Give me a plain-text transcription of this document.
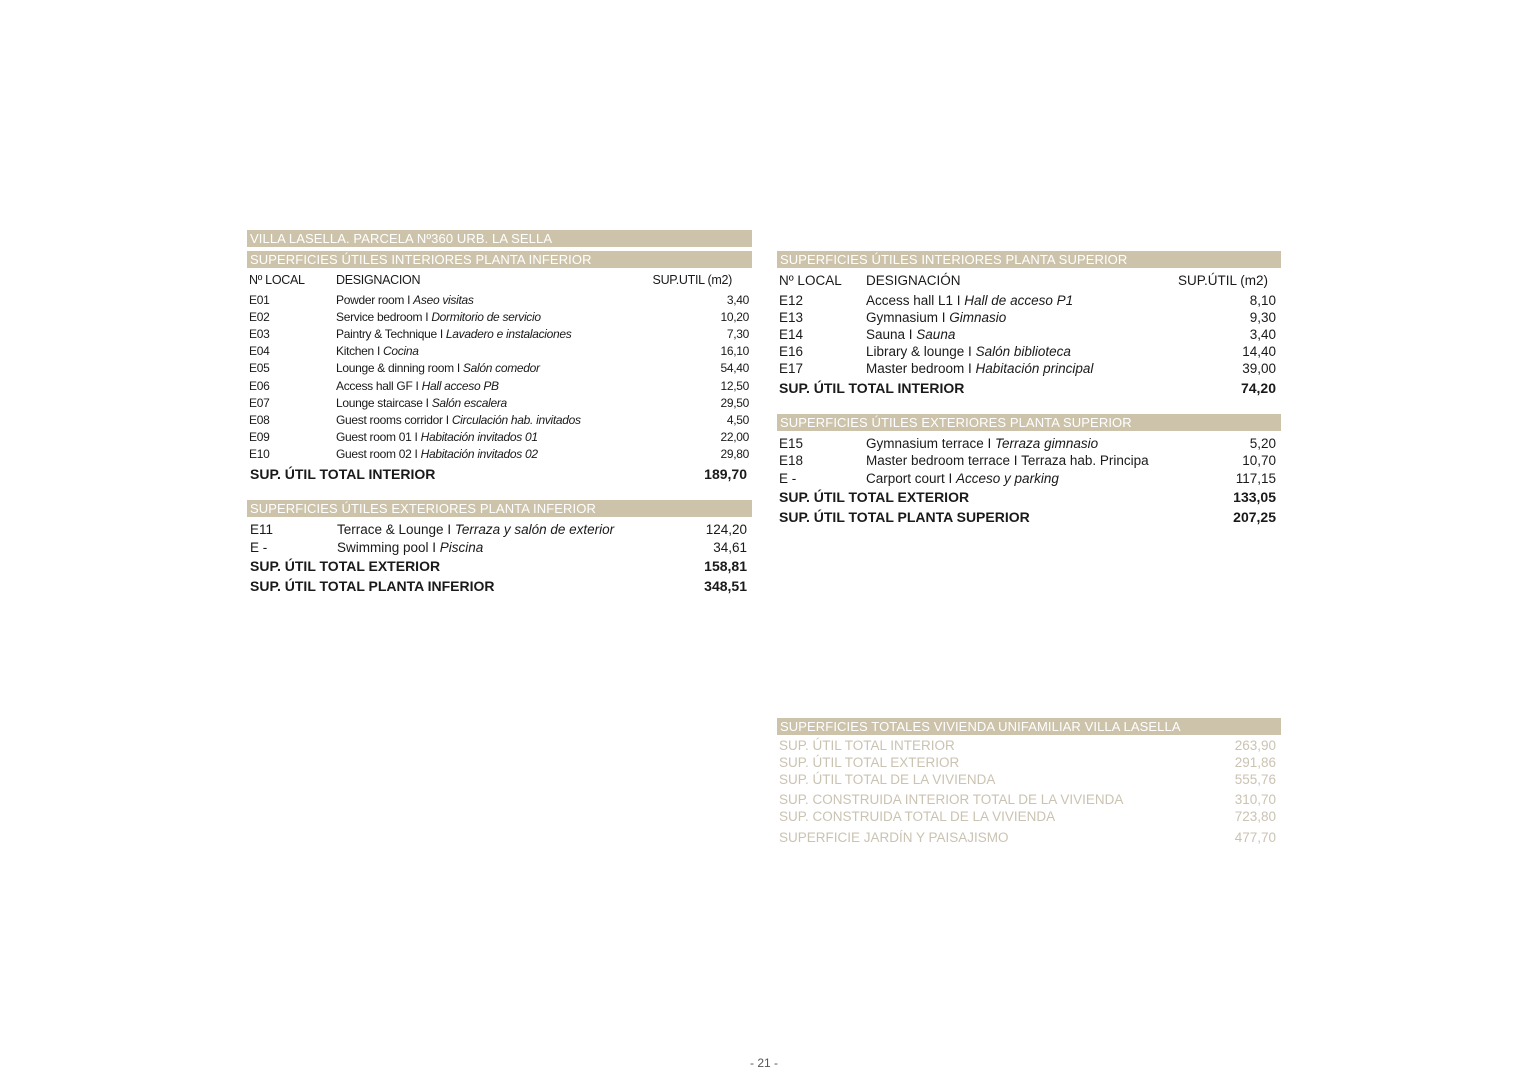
VILLA LASELLA. PARCELA Nº360 URB. LA SELLA
SUPERFICIES ÚTILES INTERIORES PLANTA INFERIOR
Nº LOCAL	DESIGNACION	SUP.UTIL (m2)
E01	Powder room I Aseo visitas	3,40
E02	Service bedroom I Dormitorio de servicio	10,20
E03	Paintry & Technique I Lavadero e instalaciones	7,30
E04	Kitchen I Cocina	16,10
E05	Lounge & dinning room I Salón comedor	54,40
E06	Access hall GF I Hall acceso PB	12,50
E07	Lounge staircase I Salón escalera	29,50
E08	Guest rooms corridor I Circulación hab. invitados	4,50
E09	Guest room 01 I Habitación invitados 01	22,00
E10	Guest room 02 I Habitación invitados 02	29,80
SUP. ÚTIL TOTAL INTERIOR	189,70
SUPERFICIES ÚTILES EXTERIORES PLANTA INFERIOR
E11	Terrace & Lounge I Terraza y salón de exterior	124,20
E -	Swimming pool I Piscina	34,61
SUP. ÚTIL TOTAL EXTERIOR	158,81
SUP. ÚTIL TOTAL PLANTA INFERIOR	348,51
SUPERFICIES ÚTILES INTERIORES PLANTA SUPERIOR
Nº LOCAL DESIGNACIÓN	SUP.ÚTIL (m2)
E12	Access hall L1 I Hall de acceso P1	8,10
E13	Gymnasium I Gimnasio	9,30
E14	Sauna I Sauna	3,40
E16	Library & lounge I Salón biblioteca	14,40
E17	Master bedroom I Habitación principal	39,00
SUP. ÚTIL TOTAL INTERIOR	74,20
SUPERFICIES ÚTILES EXTERIORES PLANTA SUPERIOR
E15	Gymnasium terrace I Terraza gimnasio	5,20
E18	Master bedroom terrace I Terraza hab. Principa	10,70
E -	Carport court I Acceso y parking	117,15
SUP. ÚTIL TOTAL EXTERIOR	133,05
SUP. ÚTIL TOTAL PLANTA SUPERIOR	207,25
SUPERFICIES TOTALES VIVIENDA UNIFAMILIAR VILLA LASELLA
SUP. ÚTIL TOTAL INTERIOR	263,90
SUP. ÚTIL TOTAL EXTERIOR	291,86
SUP. ÚTIL TOTAL DE LA VIVIENDA	555,76
SUP. CONSTRUIDA INTERIOR TOTAL DE LA VIVIENDA	310,70
SUP. CONSTRUIDA TOTAL DE LA VIVIENDA	723,80
SUPERFICIE JARDÍN Y PAISAJISMO	477,70
- 21 -
